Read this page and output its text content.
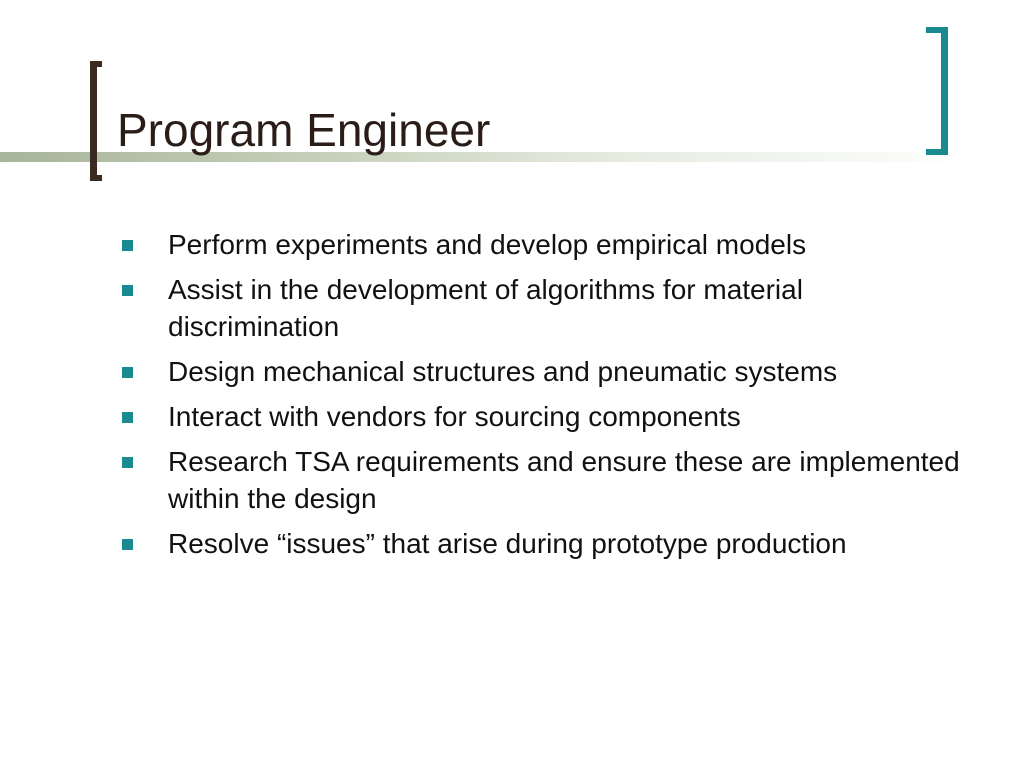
Program Engineer
Perform experiments and develop empirical models
Assist in the development of algorithms for material discrimination
Design mechanical structures and pneumatic systems
Interact with vendors for sourcing components
Research TSA requirements and ensure these are implemented within the design
Resolve “issues” that arise during prototype production
